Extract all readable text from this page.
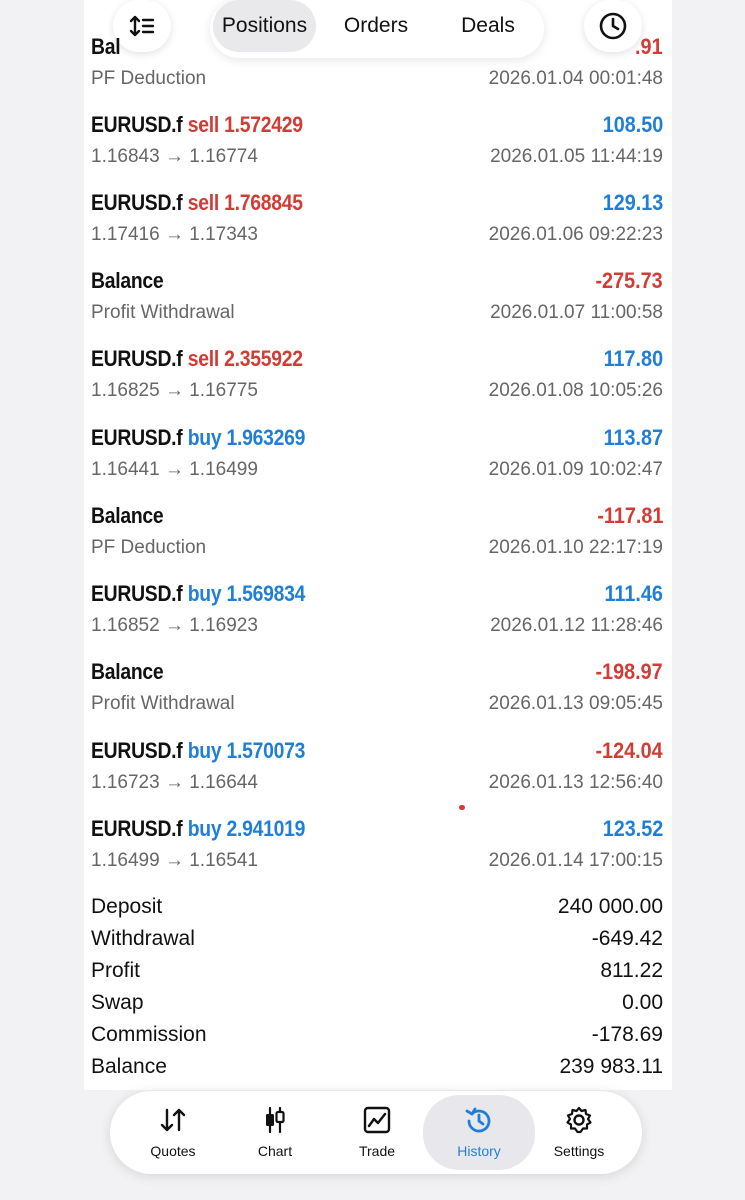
Positions	Orders	Deals
Bal	.91
PF Deduction	2026.01.04 00:01:48
EURUSD.f sell 1.572429	108.50
1.16843 → 1.16774	2026.01.05 11:44:19
EURUSD.f sell 1.768845	129.13
1.17416 → 1.17343	2026.01.06 09:22:23
Balance	-275.73
Profit Withdrawal	2026.01.07 11:00:58
EURUSD.f sell 2.355922	117.80
1.16825 → 1.16775	2026.01.08 10:05:26
EURUSD.f buy 1.963269	113.87
1.16441 → 1.16499	2026.01.09 10:02:47
Balance	-117.81
PF Deduction	2026.01.10 22:17:19
EURUSD.f buy 1.569834	111.46
1.16852 → 1.16923	2026.01.12 11:28:46
Balance	-198.97
Profit Withdrawal	2026.01.13 09:05:45
EURUSD.f buy 1.570073	-124.04
1.16723 → 1.16644	2026.01.13 12:56:40
EURUSD.f buy 2.941019	123.52
1.16499 → 1.16541	2026.01.14 17:00:15
Deposit	240 000.00
Withdrawal	-649.42
Profit	811.22
Swap	0.00
Commission	-178.69
Balance	239 983.11
Quotes	Chart	Trade	History	Settings
